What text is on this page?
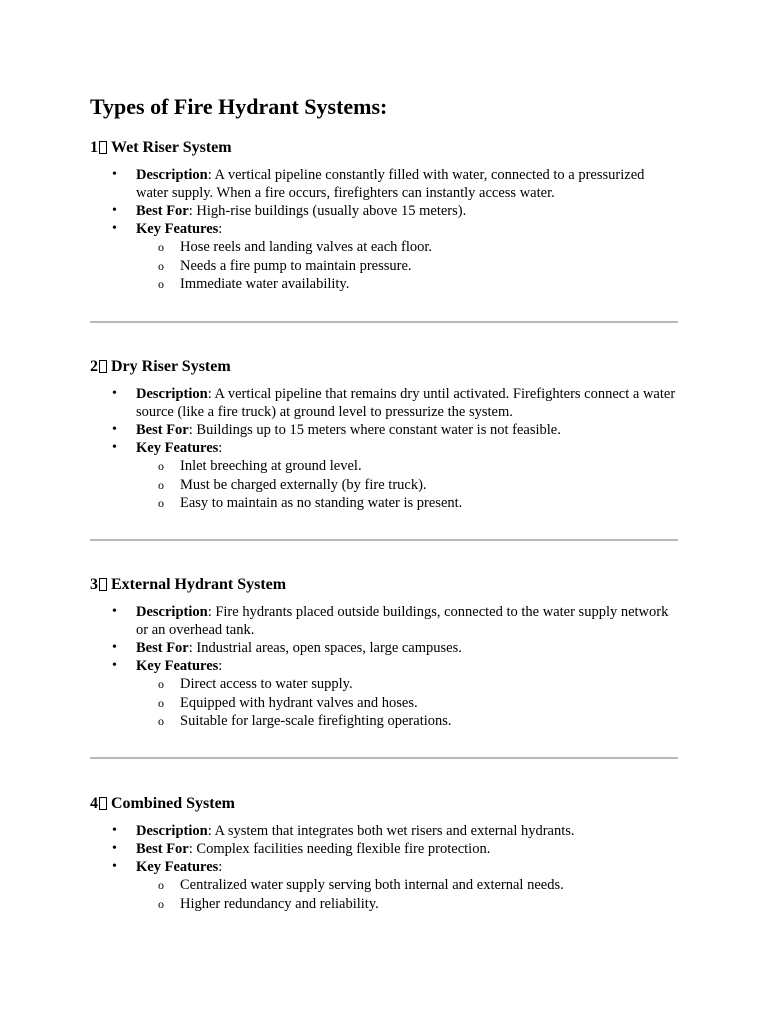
Types of Fire Hydrant Systems:
1 Wet Riser System
• Description: A vertical pipeline constantly filled with water, connected to a pressurized water supply. When a fire occurs, firefighters can instantly access water.
• Best For: High-rise buildings (usually above 15 meters).
• Key Features:
o Hose reels and landing valves at each floor.
o Needs a fire pump to maintain pressure.
o Immediate water availability.
2 Dry Riser System
• Description: A vertical pipeline that remains dry until activated. Firefighters connect a water source (like a fire truck) at ground level to pressurize the system.
• Best For: Buildings up to 15 meters where constant water is not feasible.
• Key Features:
o Inlet breeching at ground level.
o Must be charged externally (by fire truck).
o Easy to maintain as no standing water is present.
3 External Hydrant System
• Description: Fire hydrants placed outside buildings, connected to the water supply network or an overhead tank.
• Best For: Industrial areas, open spaces, large campuses.
• Key Features:
o Direct access to water supply.
o Equipped with hydrant valves and hoses.
o Suitable for large-scale firefighting operations.
4 Combined System
• Description: A system that integrates both wet risers and external hydrants.
• Best For: Complex facilities needing flexible fire protection.
• Key Features:
o Centralized water supply serving both internal and external needs.
o Higher redundancy and reliability.
